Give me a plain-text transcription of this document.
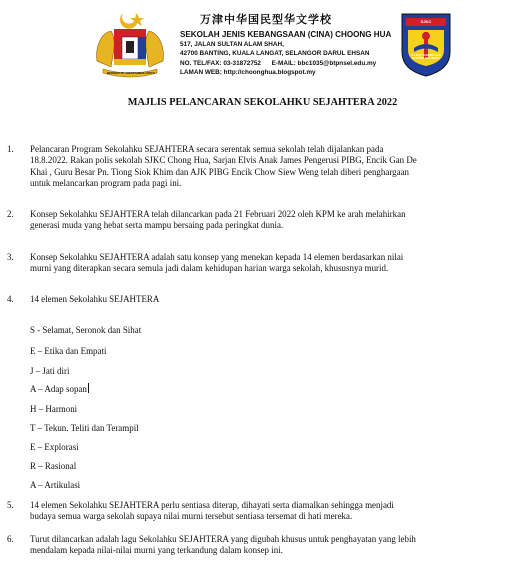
BERSEKUTU BERTAMBAH MUTU
万津中华国民型华文学校
SEKOLAH JENIS KEBANGSAAN (CINA) CHOONG HUA
517, JALAN SULTAN ALAM SHAH,
42700 BANTING, KUALA LANGAT, SELANGOR DARUL EHSAN
NO. TEL/FAX: 03-31872752      E-MAIL: bbc1035@btpnsel.edu.my
LAMAN WEB: http://choonghua.blogspot.my
SJKC
S.J.K.(C) CHOONG HUA BANTING SELANGOR
MAJLIS PELANCARAN SEKOLAHKU SEJAHTERA 2022
1. Pelancaran Program Sekolahku SEJAHTERA secara serentak semua sekolah telah dijalankan pada
18.8.2022. Rakan polis sekolah SJKC Chong Hua, Sarjan Elvis Anak James Pengerusi PIBG, Encik Gan De
Khai , Guru Besar Pn. Tiong Siok Khim dan AJK PIBG Encik Chow Siew Weng telah diberi penghargaan
untuk melancarkan program pada pagi ini.
2. Konsep Sekolahku SEJAHTERA telah dilancarkan pada 21 Februari 2022 oleh KPM ke arah melahirkan
generasi muda yang hebat serta mampu bersaing pada peringkat dunia.
3. Konsep Sekolahku SEJAHTERA adalah satu konsep yang menekan kepada 14 elemen berdasarkan nilai
murni yang diterapkan secara semula jadi dalam kehidupan harian warga sekolah, khususnya murid.
4. 14 elemen Sekolahku SEJAHTERA
S - Selamat, Seronok dan Sihat
E – Etika dan Empati
J – Jati diri
A – Adap sopan
H – Harmoni
T – Tekun. Teliti dan Terampil
E – Explorasi
R – Rasional
A – Artikulasi
5. 14 elemen Sekolahku SEJAHTERA perlu sentiasa diterap, dihayati serta diamalkan sehingga menjadi
budaya semua warga sekolah supaya nilai murni tersebut sentiasa tersemat di hati mereka.
6. Turut dilancarkan adalah lagu Sekolahku SEJAHTERA yang digubah khusus untuk penghayatan yang lebih
mendalam kepada nilai-nilai murni yang terkandung dalam konsep ini.
